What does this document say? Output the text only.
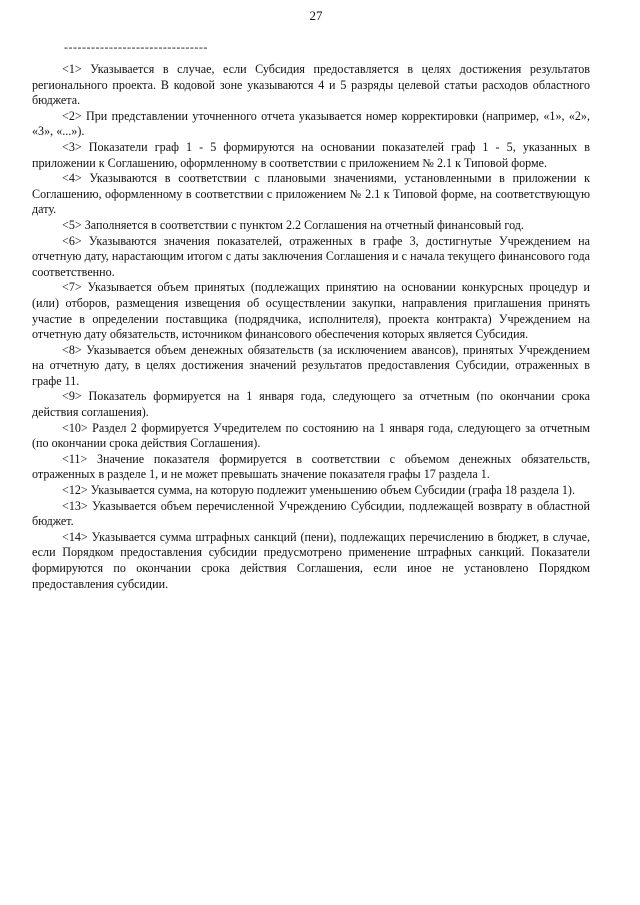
27
--------------------------------

<1> Указывается в случае, если Субсидия предоставляется в целях достижения результатов регионального проекта. В кодовой зоне указываются 4 и 5 разряды целевой статьи расходов областного бюджета.

<2> При представлении уточненного отчета указывается номер корректировки (например, «1», «2», «3», «...»).

<3> Показатели граф 1 - 5 формируются на основании показателей граф 1 - 5, указанных в приложении к Соглашению, оформленному в соответствии с приложением № 2.1 к Типовой форме.

<4> Указываются в соответствии с плановыми значениями, установленными в приложении к Соглашению, оформленному в соответствии с приложением № 2.1 к Типовой форме, на соответствующую дату.

<5> Заполняется в соответствии с пунктом 2.2 Соглашения на отчетный финансовый год.

<6> Указываются значения показателей, отраженных в графе 3, достигнутые Учреждением на отчетную дату, нарастающим итогом с даты заключения Соглашения и с начала текущего финансового года соответственно.

<7> Указывается объем принятых (подлежащих принятию на основании конкурсных процедур и (или) отборов, размещения извещения об осуществлении закупки, направления приглашения принять участие в определении поставщика (подрядчика, исполнителя), проекта контракта) Учреждением на отчетную дату обязательств, источником финансового обеспечения которых является Субсидия.

<8> Указывается объем денежных обязательств (за исключением авансов), принятых Учреждением на отчетную дату, в целях достижения значений результатов предоставления Субсидии, отраженных в графе 11.

<9> Показатель формируется на 1 января года, следующего за отчетным (по окончании срока действия соглашения).

<10> Раздел 2 формируется Учредителем по состоянию на 1 января года, следующего за отчетным (по окончании срока действия Соглашения).

<11> Значение показателя формируется в соответствии с объемом денежных обязательств, отраженных в разделе 1, и не может превышать значение показателя графы 17 раздела 1.

<12> Указывается сумма, на которую подлежит уменьшению объем Субсидии (графа 18 раздела 1).

<13> Указывается объем перечисленной Учреждению Субсидии, подлежащей возврату в областной бюджет.

<14> Указывается сумма штрафных санкций (пени), подлежащих перечислению в бюджет, в случае, если Порядком предоставления субсидии предусмотрено применение штрафных санкций. Показатели формируются по окончании срока действия Соглашения, если иное не установлено Порядком предоставления субсидии.
